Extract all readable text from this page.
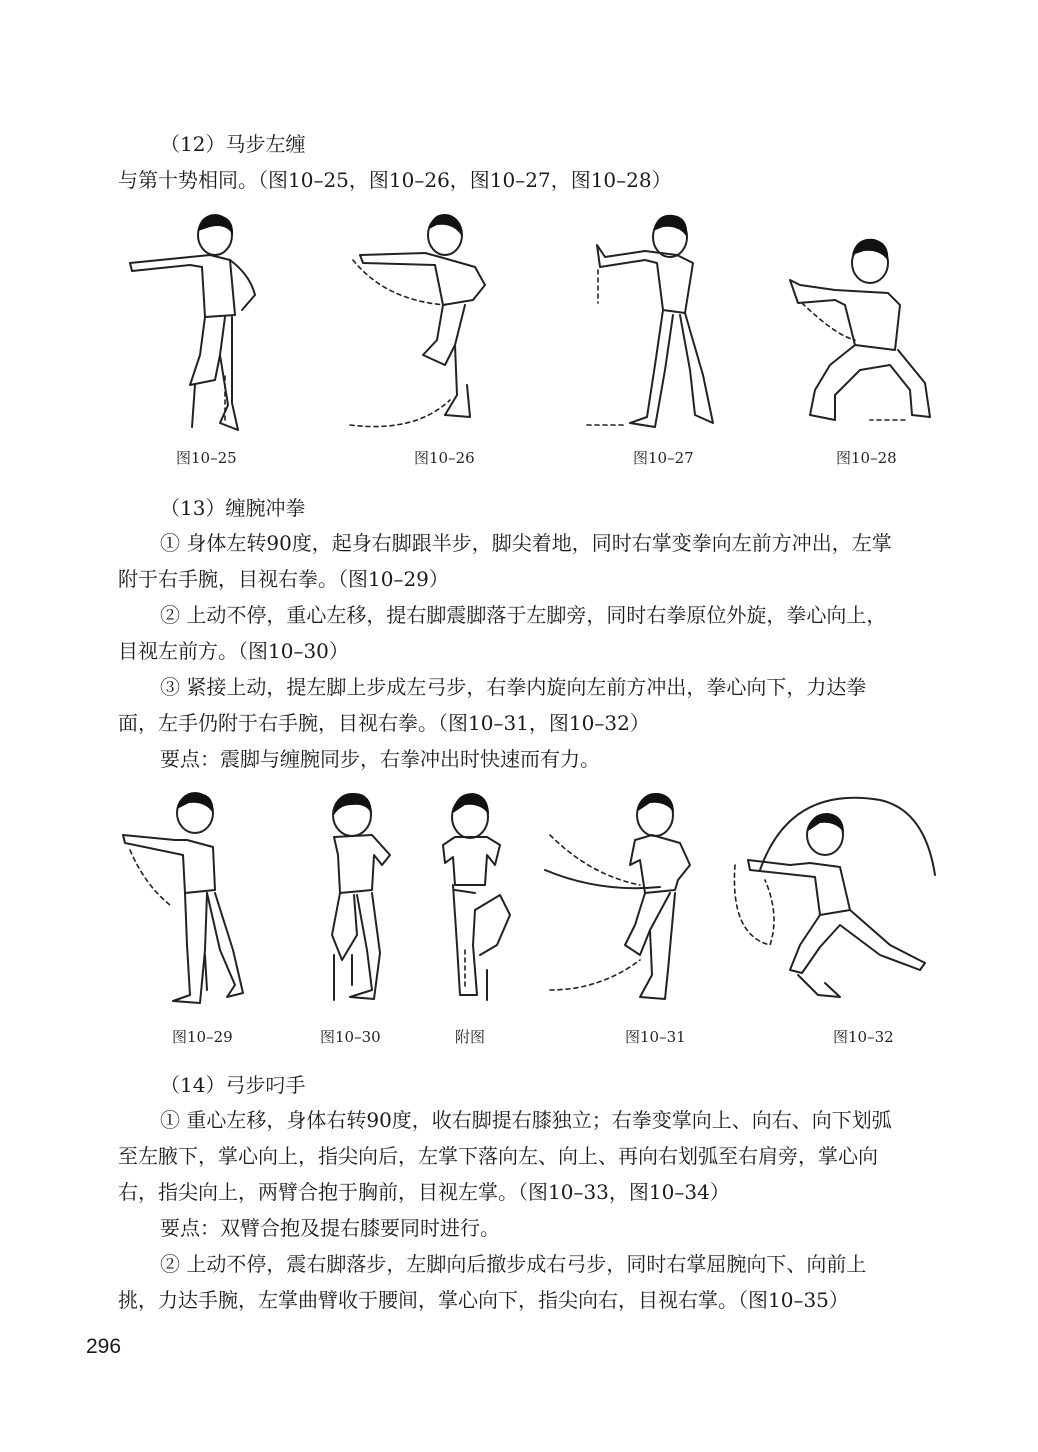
（12）马步左缠
与第十势相同。（图10–25，图10–26，图10–27，图10–28）
图10–25	图10–26	图10–27	图10–28
（13）缠腕冲拳
① 身体左转90度，起身右脚跟半步，脚尖着地，同时右掌变拳向左前方冲出，左掌
附于右手腕，目视右拳。（图10–29）
② 上动不停，重心左移，提右脚震脚落于左脚旁，同时右拳原位外旋，拳心向上，
目视左前方。（图10–30）
③ 紧接上动，提左脚上步成左弓步，右拳内旋向左前方冲出，拳心向下，力达拳
面，左手仍附于右手腕，目视右拳。（图10–31，图10–32）
要点：震脚与缠腕同步，右拳冲出时快速而有力。
图10–29	图10–30	附图	图10–31	图10–32
（14）弓步叼手
① 重心左移，身体右转90度，收右脚提右膝独立；右拳变掌向上、向右、向下划弧
至左腋下，掌心向上，指尖向后，左掌下落向左、向上、再向右划弧至右肩旁，掌心向
右，指尖向上，两臂合抱于胸前，目视左掌。（图10–33，图10–34）
要点：双臂合抱及提右膝要同时进行。
② 上动不停，震右脚落步，左脚向后撤步成右弓步，同时右掌屈腕向下、向前上
挑，力达手腕，左掌曲臂收于腰间，掌心向下，指尖向右，目视右掌。（图10–35）
296
